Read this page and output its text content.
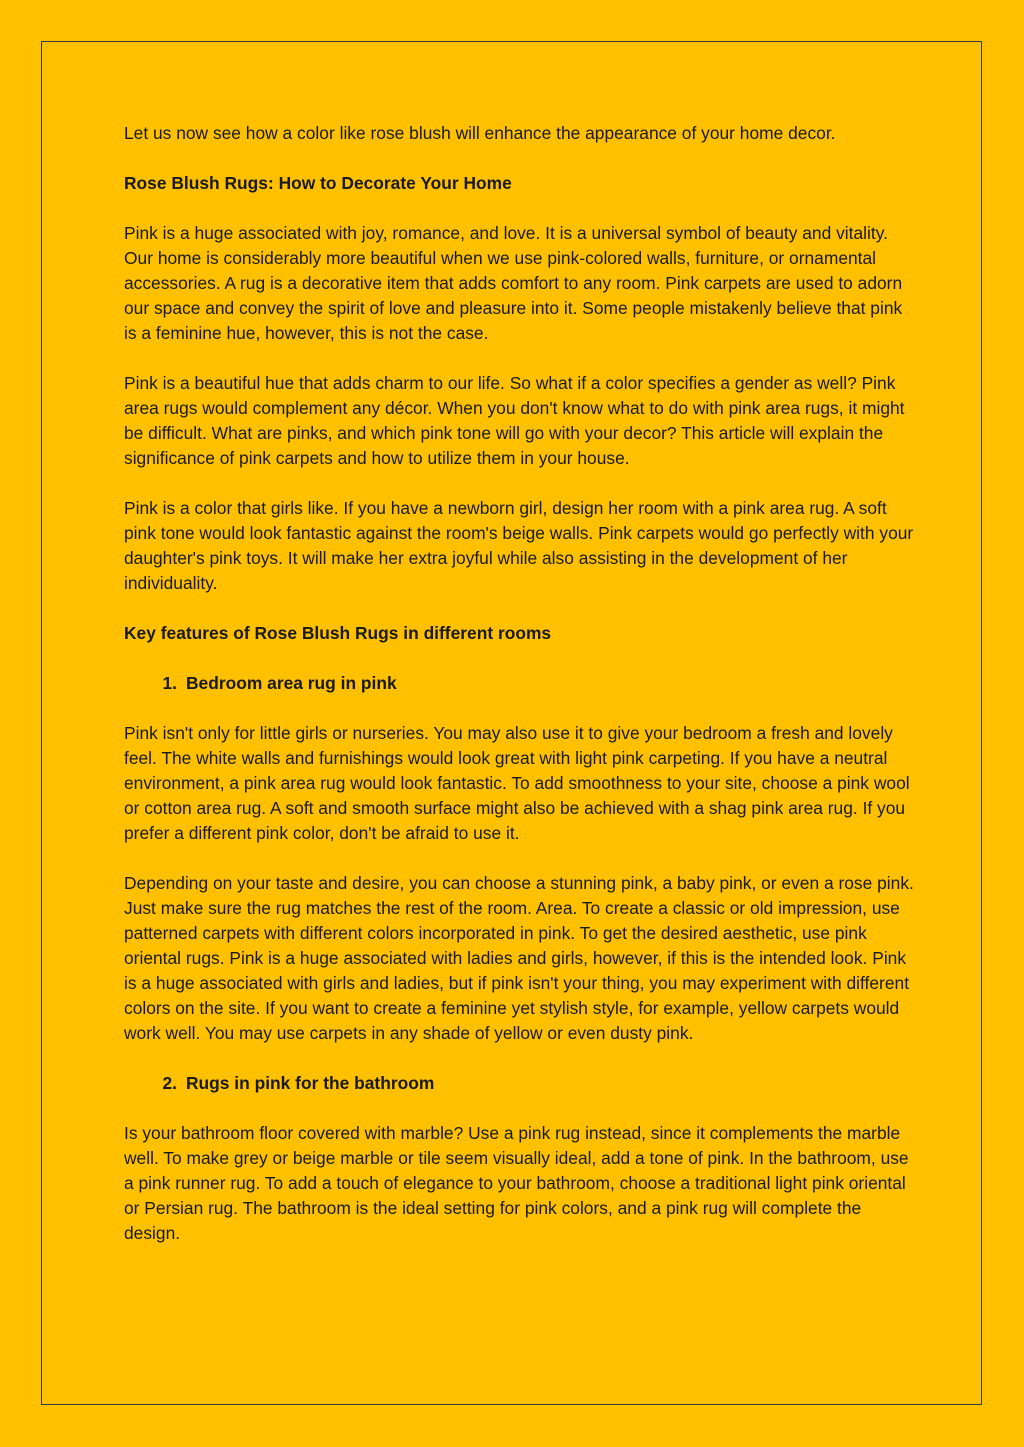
Let us now see how a color like rose blush will enhance the appearance of your home decor.

Rose Blush Rugs: How to Decorate Your Home

Pink is a huge associated with joy, romance, and love. It is a universal symbol of beauty and vitality. Our home is considerably more beautiful when we use pink-colored walls, furniture, or ornamental accessories. A rug is a decorative item that adds comfort to any room. Pink carpets are used to adorn our space and convey the spirit of love and pleasure into it. Some people mistakenly believe that pink is a feminine hue, however, this is not the case.

Pink is a beautiful hue that adds charm to our life. So what if a color specifies a gender as well? Pink area rugs would complement any décor. When you don't know what to do with pink area rugs, it might be difficult. What are pinks, and which pink tone will go with your decor? This article will explain the significance of pink carpets and how to utilize them in your house.

Pink is a color that girls like. If you have a newborn girl, design her room with a pink area rug. A soft pink tone would look fantastic against the room's beige walls. Pink carpets would go perfectly with your daughter's pink toys. It will make her extra joyful while also assisting in the development of her individuality.

Key features of Rose Blush Rugs in different rooms
1. Bedroom area rug in pink

Pink isn't only for little girls or nurseries. You may also use it to give your bedroom a fresh and lovely feel. The white walls and furnishings would look great with light pink carpeting. If you have a neutral environment, a pink area rug would look fantastic. To add smoothness to your site, choose a pink wool or cotton area rug. A soft and smooth surface might also be achieved with a shag pink area rug. If you prefer a different pink color, don't be afraid to use it.

Depending on your taste and desire, you can choose a stunning pink, a baby pink, or even a rose pink. Just make sure the rug matches the rest of the room. Area. To create a classic or old impression, use patterned carpets with different colors incorporated in pink. To get the desired aesthetic, use pink oriental rugs. Pink is a huge associated with ladies and girls, however, if this is the intended look. Pink is a huge associated with girls and ladies, but if pink isn't your thing, you may experiment with different colors on the site. If you want to create a feminine yet stylish style, for example, yellow carpets would work well. You may use carpets in any shade of yellow or even dusty pink.

2. Rugs in pink for the bathroom

Is your bathroom floor covered with marble? Use a pink rug instead, since it complements the marble well. To make grey or beige marble or tile seem visually ideal, add a tone of pink. In the bathroom, use a pink runner rug. To add a touch of elegance to your bathroom, choose a traditional light pink oriental or Persian rug. The bathroom is the ideal setting for pink colors, and a pink rug will complete the design.
